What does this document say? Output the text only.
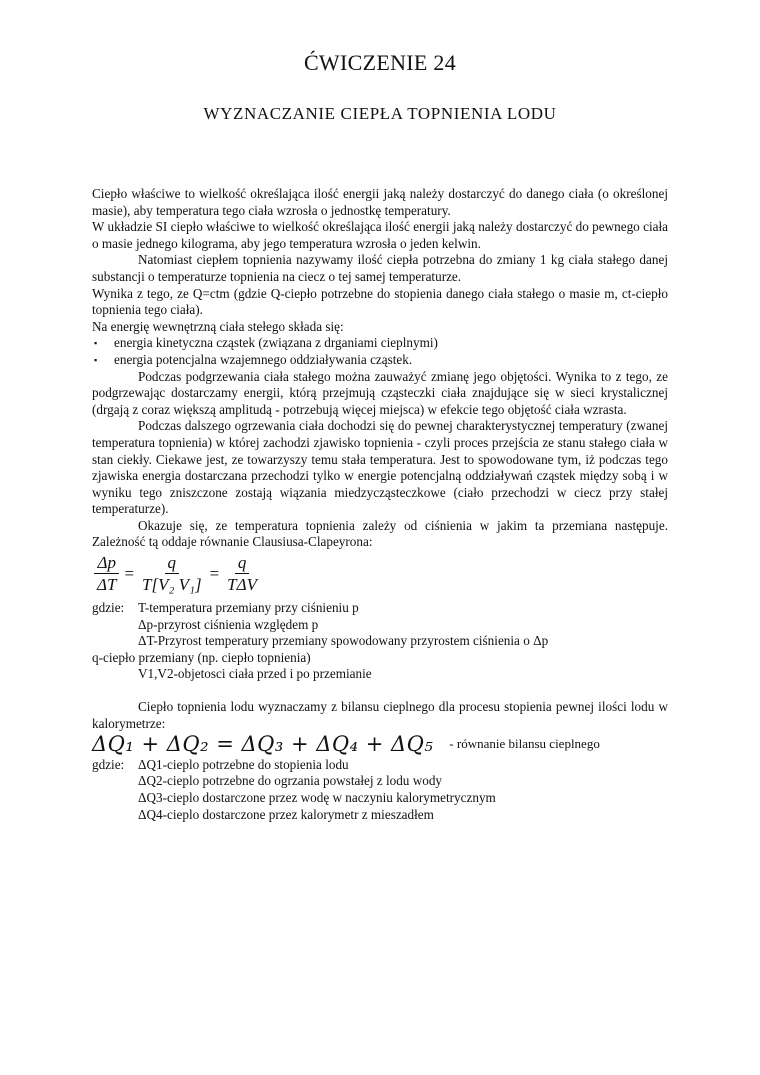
ĆWICZENIE 24
WYZNACZANIE CIEPŁA TOPNIENIA LODU

Ciepło właściwe to wielkość określająca ilość energii jaką należy dostarczyć do danego ciała (o określonej masie), aby temperatura tego ciała wzrosła o jednostkę temperatury.

W układzie SI ciepło właściwe to wielkość określająca ilość energii jaką należy dostarczyć do pewnego ciała o masie jednego kilograma, aby jego temperatura wzrosła o jeden kelwin.

Natomiast ciepłem topnienia nazywamy ilość ciepła potrzebna do zmiany 1 kg ciała stałego danej substancji o temperaturze topnienia na ciecz o tej samej temperaturze.

Wynika z tego, ze Q=ctm (gdzie Q-ciepło potrzebne do stopienia danego ciała stałego o masie m, ct-ciepło topnienia tego ciała).

Na energię wewnętrzną ciała stełego składa się:

▪ energia kinetyczna cząstek (związana z drganiami cieplnymi)
▪ energia potencjalna wzajemnego oddziaływania cząstek.

Podczas podgrzewania ciała stałego można zauważyć zmianę jego objętości. Wynika to z tego, ze podgrzewając dostarczamy energii, którą przejmują cząsteczki ciała znajdujące się w sieci krystalicznej (drgają z coraz większą amplitudą - potrzebują więcej miejsca) w efekcie tego objętość ciała wzrasta.

Podczas dalszego ogrzewania ciała dochodzi się do pewnej charakterystycznej temperatury (zwanej temperatura topnienia) w której zachodzi zjawisko topnienia - czyli proces przejścia ze stanu stałego ciała w stan ciekły. Ciekawe jest, ze towarzyszy temu stała temperatura. Jest to spowodowane tym, iż podczas tego zjawiska energia dostarczana przechodzi tylko w energie potencjalną oddziaływań cząstek między sobą i w wyniku tego zniszczone zostają wiązania miedzycząsteczkowe (ciało przechodzi w ciecz przy stałej temperaturze).

Okazuje się, ze temperatura topnienia zależy od ciśnienia w jakim ta przemiana następuje. Zależność tą oddaje równanie Clausiusa-Clapeyrona:

$\frac{\Delta p}{\Delta T} = \frac{q}{\text{T[V₂ V₁]}} = \frac{q}{\text{TΔV}}$
gdzie:	T-temperatura przemiany przy ciśnieniu p
Δp-przyrost ciśnienia względem p
ΔT-Przyrost temperatury przemiany spowodowany przyrostem ciśnienia o Δp
q-ciepło przemiany (np. ciepło topnienia)
V1,V2-objetosci ciała przed i po przemianie

Ciepło topnienia lodu wyznaczamy z bilansu cieplnego dla procesu stopienia pewnej ilości lodu w kalorymetrze:

ΔQ₁ + ΔQ₂ = ΔQ₃ + ΔQ₄ + ΔQ₅ - równanie bilansu cieplnego
gdzie:	ΔQ1-cieplo potrzebne do stopienia lodu
ΔQ2-cieplo potrzebne do ogrzania powstałej z lodu wody
ΔQ3-cieplo dostarczone przez wodę w naczyniu kalorymetrycznym
ΔQ4-cieplo dostarczone przez kalorymetr z mieszadłem
